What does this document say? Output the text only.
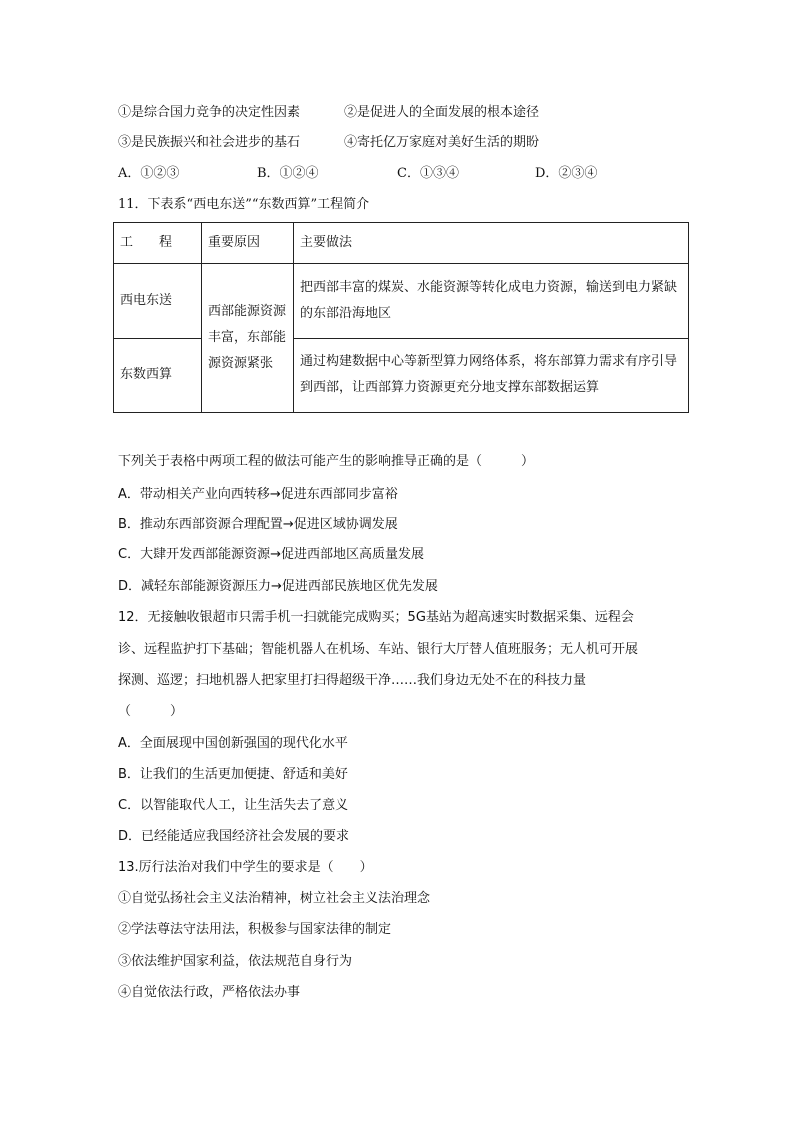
①是综合国力竞争的决定性因素	②是促进人的全面发展的根本途径
③是民族振兴和社会进步的基石	④寄托亿万家庭对美好生活的期盼
A．①②③	B．①②④	C．①③④	D．②③④
11．下表系“西电东送”“东数西算”工程简介
工　　程	重要原因	主要做法
西电东送	西部能源资源丰富，东部能源资源紧张	把西部丰富的煤炭、水能资源等转化成电力资源，输送到电力紧缺的东部沿海地区
东数西算		通过构建数据中心等新型算力网络体系，将东部算力需求有序引导到西部，让西部算力资源更充分地支撑东部数据运算
下列关于表格中两项工程的做法可能产生的影响推导正确的是（　　　）
A．带动相关产业向西转移→促进东西部同步富裕
B．推动东西部资源合理配置→促进区域协调发展
C．大肆开发西部能源资源→促进西部地区高质量发展
D．减轻东部能源资源压力→促进西部民族地区优先发展
12．无接触收银超市只需手机一扫就能完成购买；5G基站为超高速实时数据采集、远程会
诊、远程监护打下基础；智能机器人在机场、车站、银行大厅替人值班服务；无人机可开展
探测、巡逻；扫地机器人把家里打扫得超级干净……我们身边无处不在的科技力量
（　　　）
A．全面展现中国创新强国的现代化水平
B．让我们的生活更加便捷、舒适和美好
C．以智能取代人工，让生活失去了意义
D．已经能适应我国经济社会发展的要求
13.厉行法治对我们中学生的要求是（　　）
①自觉弘扬社会主义法治精神，树立社会主义法治理念
②学法尊法守法用法，积极参与国家法律的制定
③依法维护国家利益，依法规范自身行为
④自觉依法行政，严格依法办事
